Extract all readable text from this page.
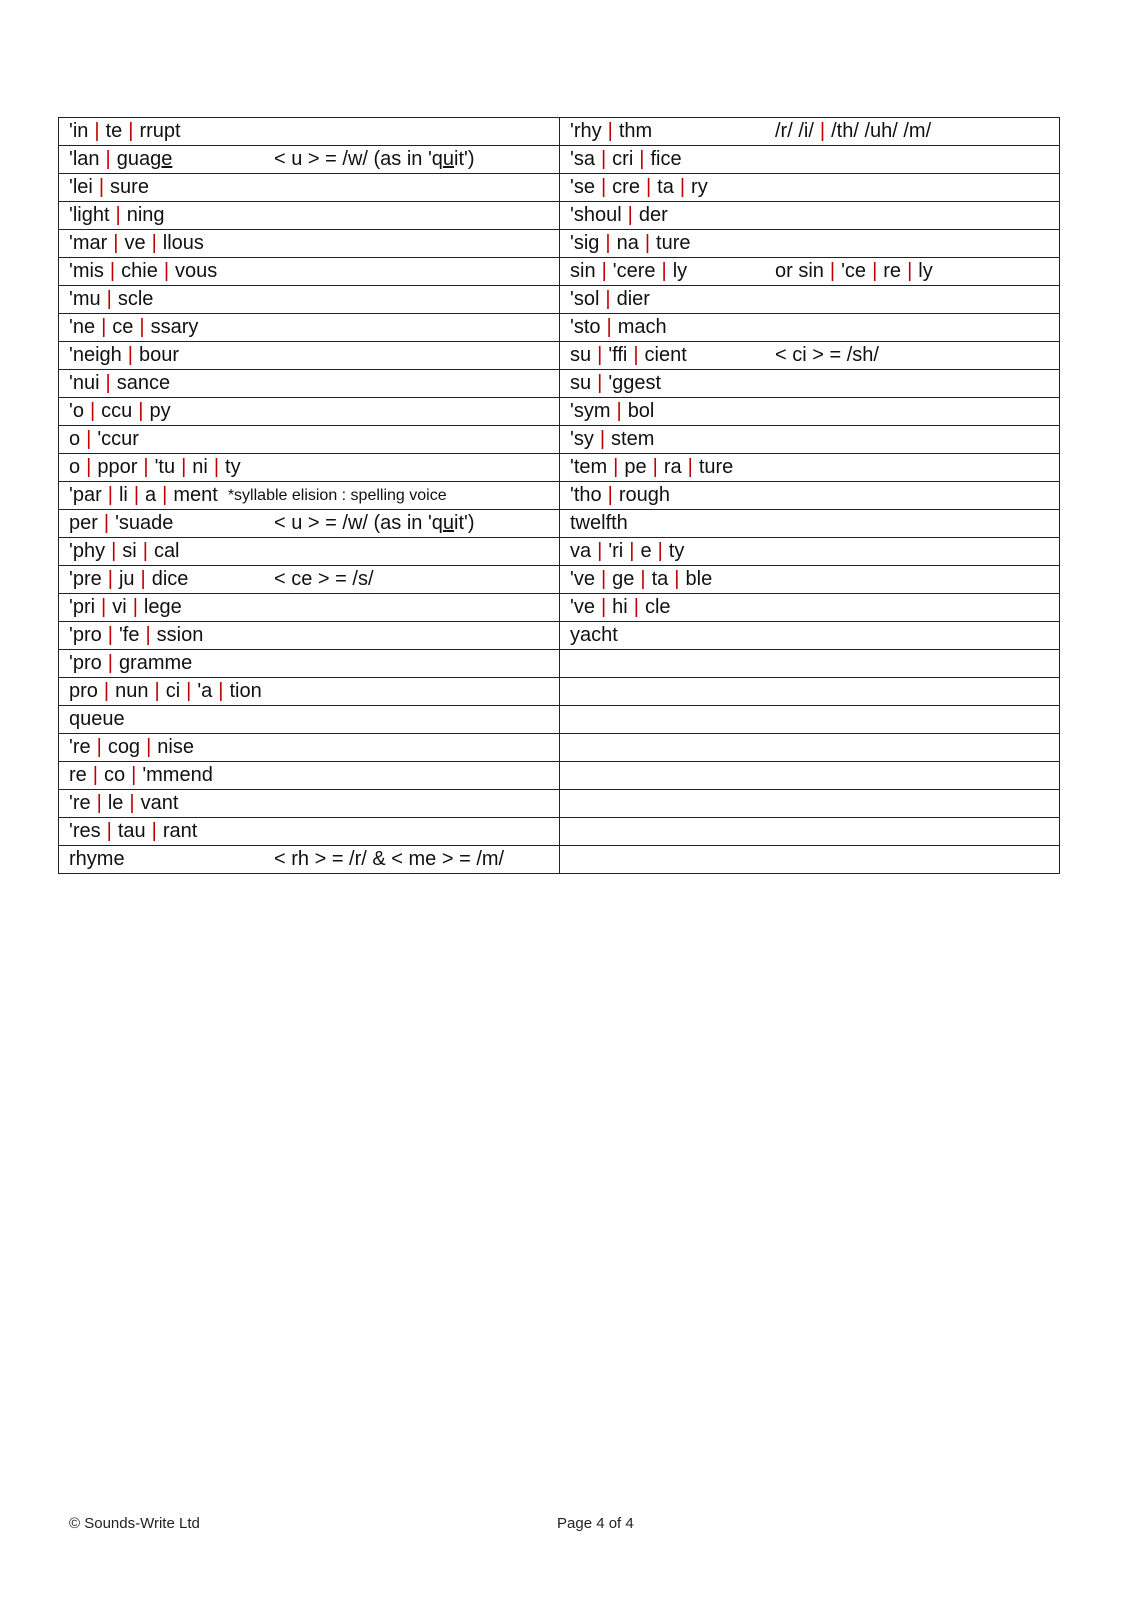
'in | te | rrupt	'rhy | thm /r/ /i/ | /th/ /uh/ /m/

'lan | guage < u > = /w/ (as in 'quit')	'sa | cri | fice

'lei | sure	'se | cre | ta | ry

'light | ning	'shoul | der

'mar | ve | llous	'sig | na | ture

'mis | chie | vous	sin | 'cere | ly or sin | 'ce | re | ly

'mu | scle	'sol | dier

'ne | ce | ssary	'sto | mach

'neigh | bour	su | 'ffi | cient < ci > = /sh/

'nui | sance	su | 'ggest

'o | ccu | py	'sym | bol

o | 'ccur	'sy | stem

o | ppor | 'tu | ni | ty	'tem | pe | ra | ture

'par | li | a | ment *syllable elision : spelling voice	'tho | rough

per | 'suade < u > = /w/ (as in 'quit')	twelfth

'phy | si | cal	va | 'ri | e | ty

'pre | ju | dice < ce > = /s/	've | ge | ta | ble

'pri | vi | lege	've | hi | cle

'pro | 'fe | ssion	yacht

'pro | gramme	

pro | nun | ci | 'a | tion	

queue	

're | cog | nise	

re | co | 'mmend	

're | le | vant	

'res | tau | rant	

rhyme < rh > = /r/ & < me > = /m/	

© Sounds-Write Ltd	Page 4 of 4
